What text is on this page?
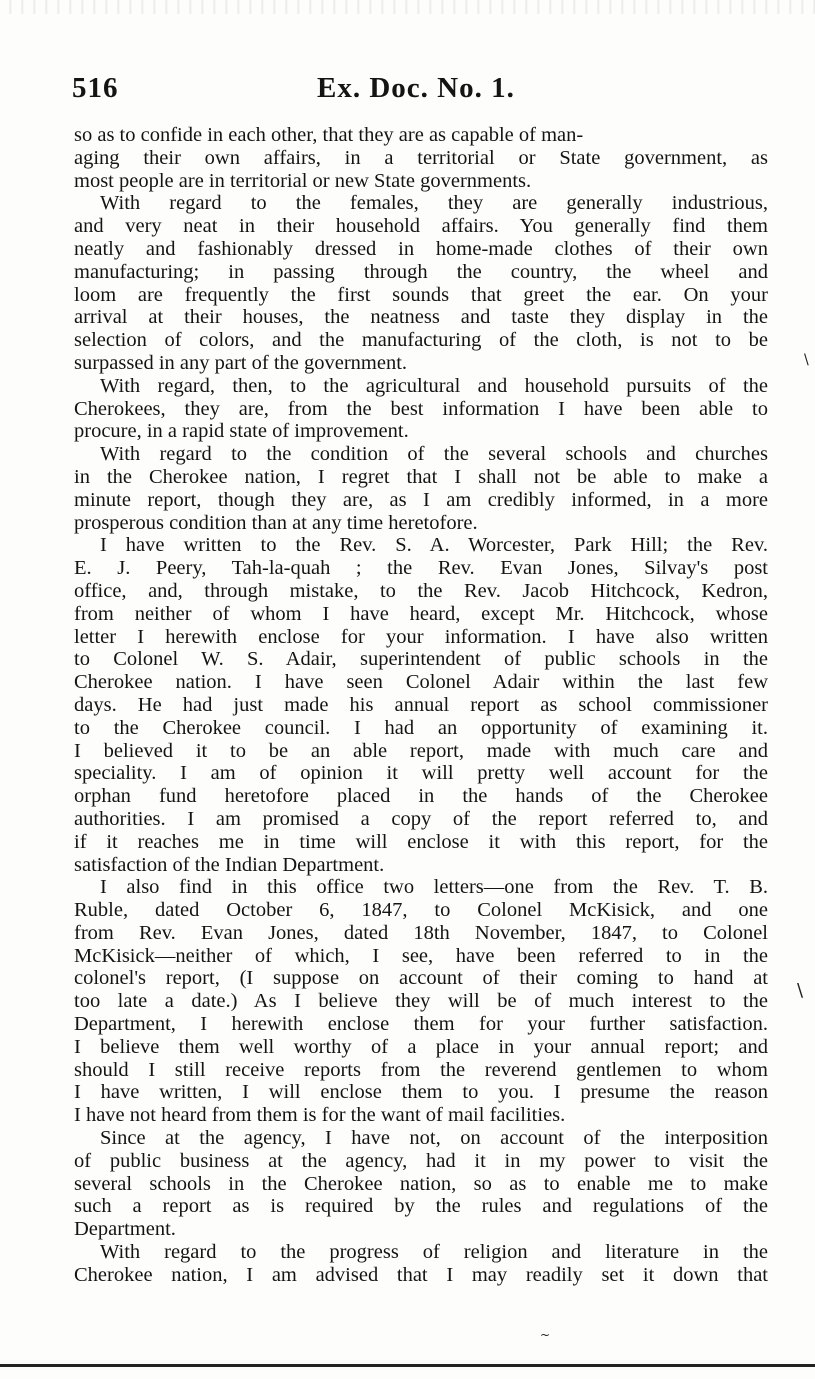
516	Ex. Doc. No. 1.
so as to confide in each other, that they are as capable of man-
aging their own affairs, in a territorial or State government, as
most people are in territorial or new State governments.
With regard to the females, they are generally industrious,
and very neat in their household affairs. You generally find them
neatly and fashionably dressed in home-made clothes of their own
manufacturing; in passing through the country, the wheel and
loom are frequently the first sounds that greet the ear. On your
arrival at their houses, the neatness and taste they display in the
selection of colors, and the manufacturing of the cloth, is not to be
surpassed in any part of the government.
With regard, then, to the agricultural and household pursuits of the
Cherokees, they are, from the best information I have been able to
procure, in a rapid state of improvement.
With regard to the condition of the several schools and churches
in the Cherokee nation, I regret that I shall not be able to make a
minute report, though they are, as I am credibly informed, in a more
prosperous condition than at any time heretofore.
I have written to the Rev. S. A. Worcester, Park Hill; the Rev.
E. J. Peery, Tah-la-quah ; the Rev. Evan Jones, Silvay's post
office, and, through mistake, to the Rev. Jacob Hitchcock, Kedron,
from neither of whom I have heard, except Mr. Hitchcock, whose
letter I herewith enclose for your information. I have also written
to Colonel W. S. Adair, superintendent of public schools in the
Cherokee nation. I have seen Colonel Adair within the last few
days. He had just made his annual report as school commissioner
to the Cherokee council. I had an opportunity of examining it.
I believed it to be an able report, made with much care and
speciality. I am of opinion it will pretty well account for the
orphan fund heretofore placed in the hands of the Cherokee
authorities. I am promised a copy of the report referred to, and
if it reaches me in time will enclose it with this report, for the
satisfaction of the Indian Department.
I also find in this office two letters—one from the Rev. T. B.
Ruble, dated October 6, 1847, to Colonel McKisick, and one
from Rev. Evan Jones, dated 18th November, 1847, to Colonel
McKisick—neither of which, I see, have been referred to in the
colonel's report, (I suppose on account of their coming to hand at
too late a date.) As I believe they will be of much interest to the
Department, I herewith enclose them for your further satisfaction.
I believe them well worthy of a place in your annual report; and
should I still receive reports from the reverend gentlemen to whom
I have written, I will enclose them to you. I presume the reason
I have not heard from them is for the want of mail facilities.
Since at the agency, I have not, on account of the interposition
of public business at the agency, had it in my power to visit the
several schools in the Cherokee nation, so as to enable me to make
such a report as is required by the rules and regulations of the
Department.
With regard to the progress of religion and literature in the
Cherokee nation, I am advised that I may readily set it down that
\
\
~
